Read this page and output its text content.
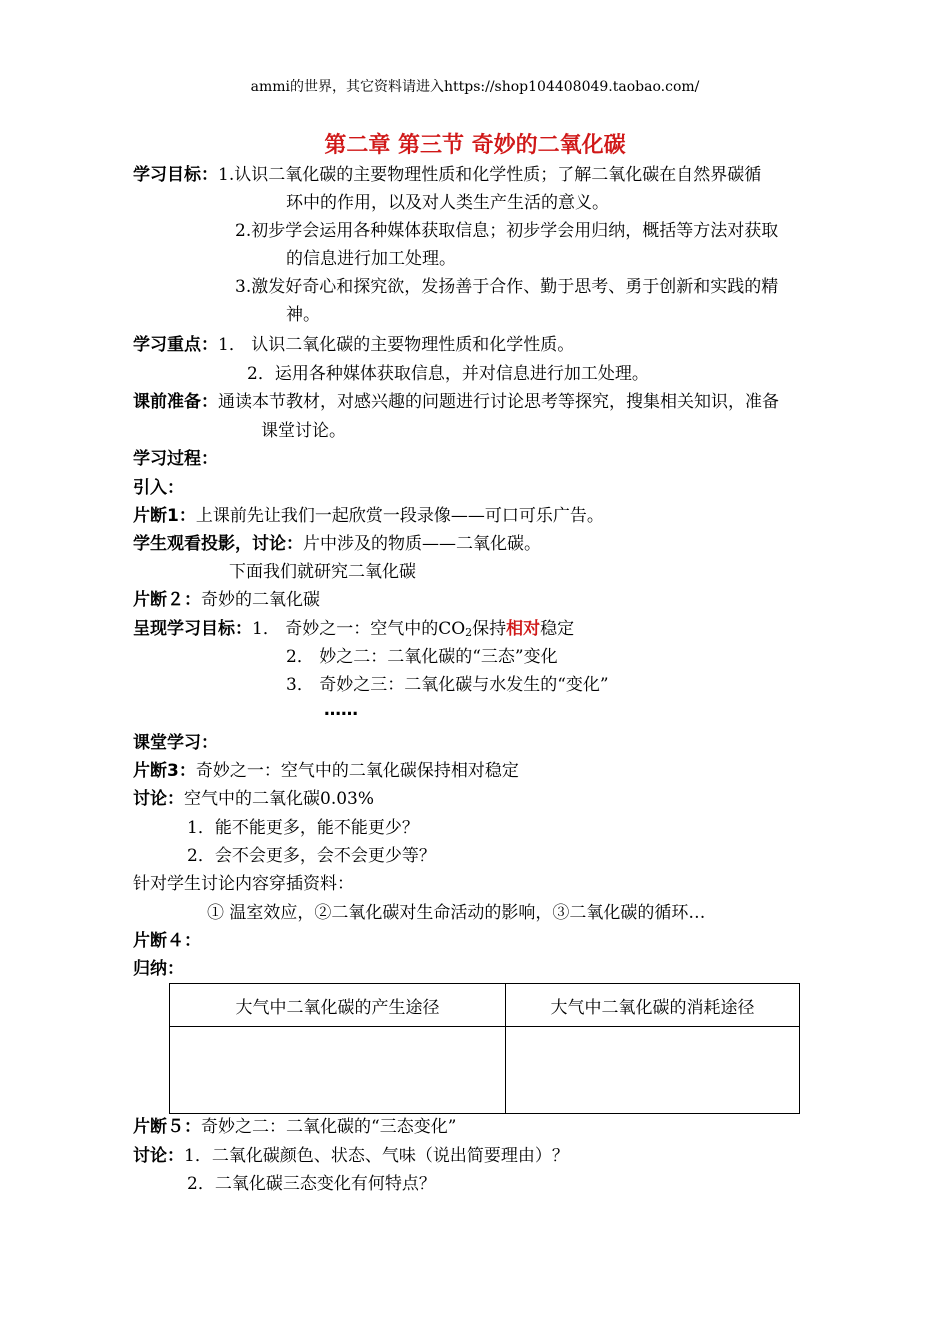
ammi的世界，其它资料请进入https://shop104408049.taobao.com/
第二章 第三节 奇妙的二氧化碳
学习目标：1.认识二氧化碳的主要物理性质和化学性质；了解二氧化碳在自然界碳循
环中的作用，以及对人类生产生活的意义。
2.初步学会运用各种媒体获取信息；初步学会用归纳，概括等方法对获取
的信息进行加工处理。
3.激发好奇心和探究欲，发扬善于合作、勤于思考、勇于创新和实践的精
神。
学习重点：1． 认识二氧化碳的主要物理性质和化学性质。
2．运用各种媒体获取信息，并对信息进行加工处理。
课前准备：通读本节教材，对感兴趣的问题进行讨论思考等探究，搜集相关知识，准备
课堂讨论。
学习过程：
引入：
片断1：上课前先让我们一起欣赏一段录像——可口可乐广告。
学生观看投影，讨论：片中涉及的物质——二氧化碳。
下面我们就研究二氧化碳
片断２：奇妙的二氧化碳
呈现学习目标：1． 奇妙之一：空气中的$CO_2$保持相对稳定
2． 妙之二：二氧化碳的“三态”变化
3． 奇妙之三：二氧化碳与水发生的“变化”
……
课堂学习：
片断3：奇妙之一：空气中的二氧化碳保持相对稳定
讨论：空气中的二氧化碳0.03%
1．能不能更多，能不能更少？
2．会不会更多，会不会更少等？
针对学生讨论内容穿插资料：
① 温室效应，②二氧化碳对生命活动的影响，③二氧化碳的循环…
片断４：
归纳：
大气中二氧化碳的产生途径	大气中二氧化碳的消耗途径

片断５：奇妙之二：二氧化碳的“三态变化”
讨论：1．二氧化碳颜色、状态、气味（说出简要理由）？
2．二氧化碳三态变化有何特点？
